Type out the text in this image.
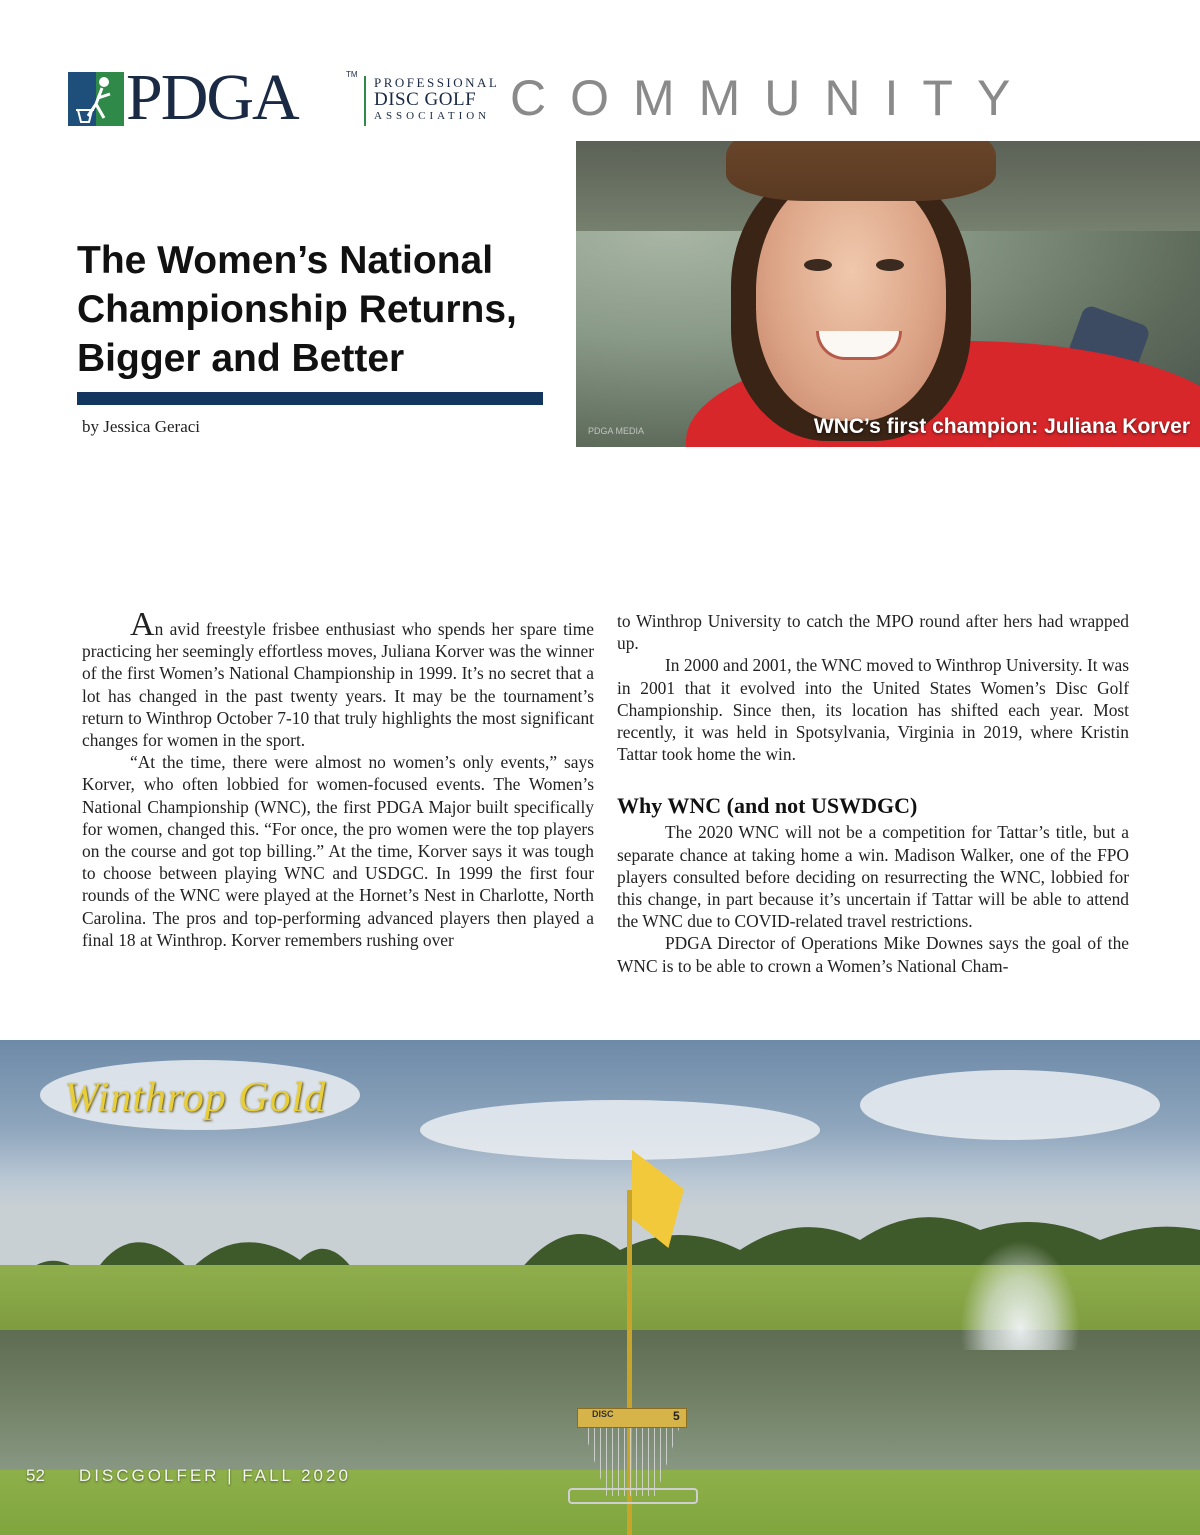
PDGA	TM
PROFESSIONAL
DISC GOLF
ASSOCIATION COMMUNITY
PDGA MEDIA	WNC’s first champion: Juliana Korver
The Women’s National
Championship Returns,
Bigger and Better
by Jessica Geraci

An avid freestyle frisbee enthusiast who spends her spare time practicing her seemingly effortless moves, Juliana Korver was the winner of the first Women’s National Championship in 1999. It’s no secret that a lot has changed in the past twenty years. It may be the tournament’s return to Winthrop October 7-10 that truly highlights the most significant changes for women in the sport.

“At the time, there were almost no women’s only events,” says Korver, who often lobbied for women-focused events. The Women’s National Championship (WNC), the first PDGA Major built specifically for women, changed this. “For once, the pro women were the top players on the course and got top billing.” At the time, Korver says it was tough to choose between playing WNC and USDGC. In 1999 the first four rounds of the WNC were played at the Hornet’s Nest in Charlotte, North Carolina. The pros and top-performing advanced players then played a final 18 at Winthrop. Korver remembers rushing over

to Winthrop University to catch the MPO round after hers had wrapped up.

In 2000 and 2001, the WNC moved to Winthrop University. It was in 2001 that it evolved into the United States Women’s Disc Golf Championship. Since then, its location has shifted each year. Most recently, it was held in Spotsylvania, Virginia in 2019, where Kristin Tattar took home the win.

Why WNC (and not USWDGC)

The 2020 WNC will not be a competition for Tattar’s title, but a separate chance at taking home a win. Madison Walker, one of the FPO players consulted before deciding on resurrecting the WNC, lobbied for this change, in part because it’s uncertain if Tattar will be able to attend the WNC due to COVID-related travel restrictions.

PDGA Director of Operations Mike Downes says the goal of the WNC is to be able to crown a Women’s National Cham-

DISC	5
Winthrop Gold
52 DISCGOLFER | FALL 2020
